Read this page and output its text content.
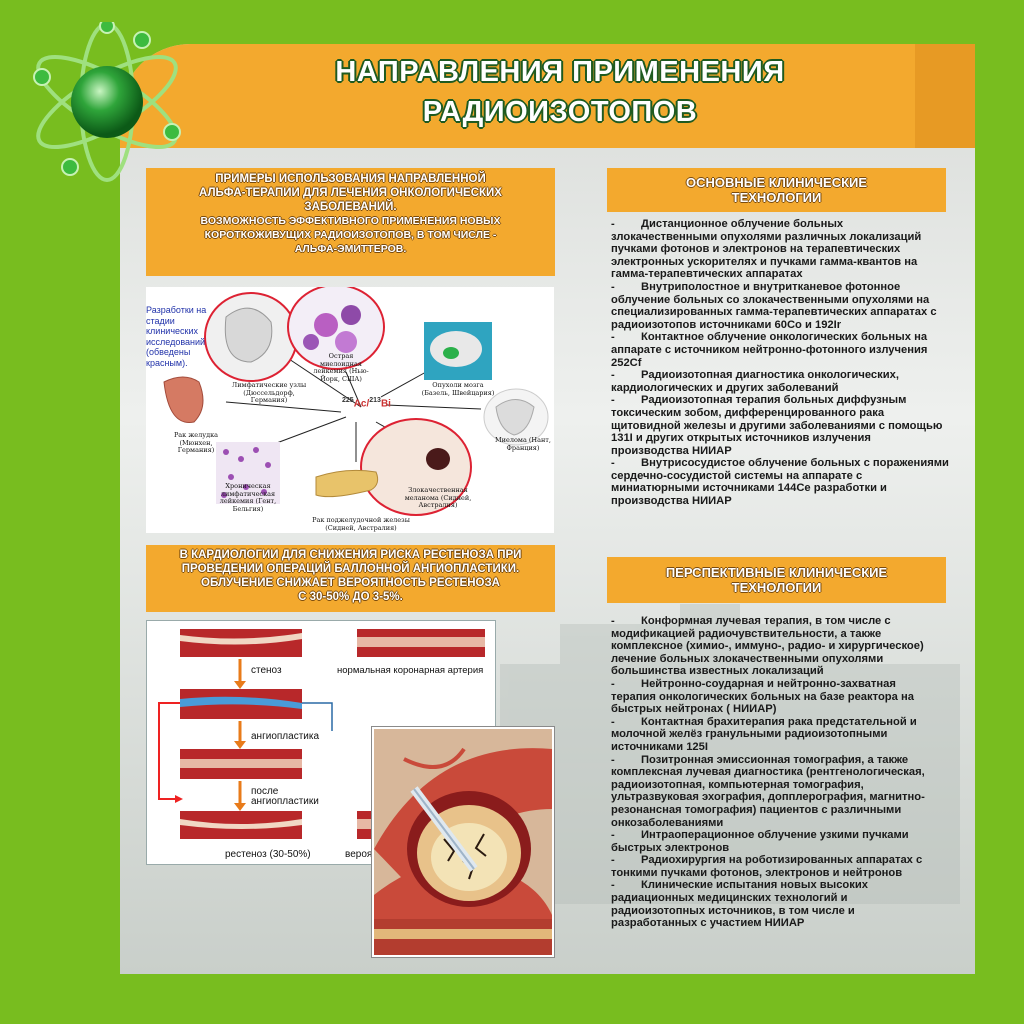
НАПРАВЛЕНИЯ ПРИМЕНЕНИЯ
РАДИОИЗОТОПОВ
ПРИМЕРЫ ИСПОЛЬЗОВАНИЯ НАПРАВЛЕННОЙ
АЛЬФА-ТЕРАПИИ ДЛЯ ЛЕЧЕНИЯ ОНКОЛОГИЧЕСКИХ
ЗАБОЛЕВАНИЙ.
ВОЗМОЖНОСТЬ ЭФФЕКТИВНОГО ПРИМЕНЕНИЯ НОВЫХ
КОРОТКОЖИВУЩИХ РАДИОИЗОТОПОВ, В ТОМ ЧИСЛЕ -
АЛЬФА-ЭМИТТЕРОВ.
Разработки на стадии клинических исследований (обведены красным).
$^{225}$Ac/$^{213}$Bi
Лимфатические узлы (Дюссельдорф, Германия)
Острая миелоидная лейкемия (Нью-Йорк, США)
Опухоли мозга (Базель, Швейцария)
Рак желудка (Мюнхен, Германия)
Миелома (Нант, Франция)
Хроническая лимфатическая лейкемия (Гент, Бельгия)
Злокачественная меланома (Сидней, Австралия)
Рак поджелудочной железы (Сидней, Австралия)
В КАРДИОЛОГИИ ДЛЯ СНИЖЕНИЯ РИСКА РЕСТЕНОЗА ПРИ
ПРОВЕДЕНИИ ОПЕРАЦИЙ БАЛЛОННОЙ АНГИОПЛАСТИКИ.
ОБЛУЧЕНИЕ СНИЖАЕТ ВЕРОЯТНОСТЬ РЕСТЕНОЗА
С 30-50% ДО 3-5%.
стеноз	нормальная коронарная артерия
ангиопластика
после
ангиопластики
рестеноз (30-50%)	вероя
ОСНОВНЫЕ КЛИНИЧЕСКИЕ
ТЕХНОЛОГИИ
- Дистанционное облучение больных злокачественными опухолями различных локализаций пучками фотонов и электронов на терапевтических электронных ускорителях и пучками гамма-квантов на гамма-терапевтических аппаратах
- Внутриполостное и внутритканевое фотонное облучение больных со злокачественными опухолями на специализированных гамма-терапевтических аппаратах с радиоизотопов источниками 60Со и 192Ir
- Контактное облучение онкологических больных на аппарате с источником нейтронно-фотонного излучения 252Cf
- Радиоизотопная диагностика онкологических, кардиологических и других заболеваний
- Радиоизотопная терапия больных диффузным токсическим зобом, дифференцированного рака щитовидной железы и другими заболеваниями с помощью 131I и других открытых источников излучения производства НИИАР
- Внутрисосудистое облучение больных с поражениями сердечно-сосудистой системы на аппарате с миниатюрными источниками 144Се разработки и производства НИИАР
ПЕРСПЕКТИВНЫЕ КЛИНИЧЕСКИЕ
ТЕХНОЛОГИИ
- Конформная лучевая терапия, в том числе с модификацией радиочувствительности, а также комплексное (химио-, иммуно-, радио- и хирургическое) лечение больных злокачественными опухолями большинства известных локализаций
- Нейтронно-соударная и нейтронно-захватная терапия онкологических больных на базе реактора на быстрых нейтронах ( НИИАР)
- Контактная брахитерапия рака предстательной и молочной желёз гранульными радиоизотопными источниками 125I
- Позитронная эмиссионная томография, а также комплексная лучевая диагностика (рентгенологическая, радиоизотопная, компьютерная томография, ультразвуковая эхография, допплерография, магнитно-резонансная томография) пациентов с различными онкозаболеваниями
- Интраоперационное облучение узкими пучками быстрых электронов
- Радиохирургия на роботизированных аппаратах с тонкими пучками фотонов, электронов и нейтронов
- Клинические испытания новых высоких радиационных медицинских технологий и радиоизотопных источников, в том числе и разработанных с участием НИИАР
